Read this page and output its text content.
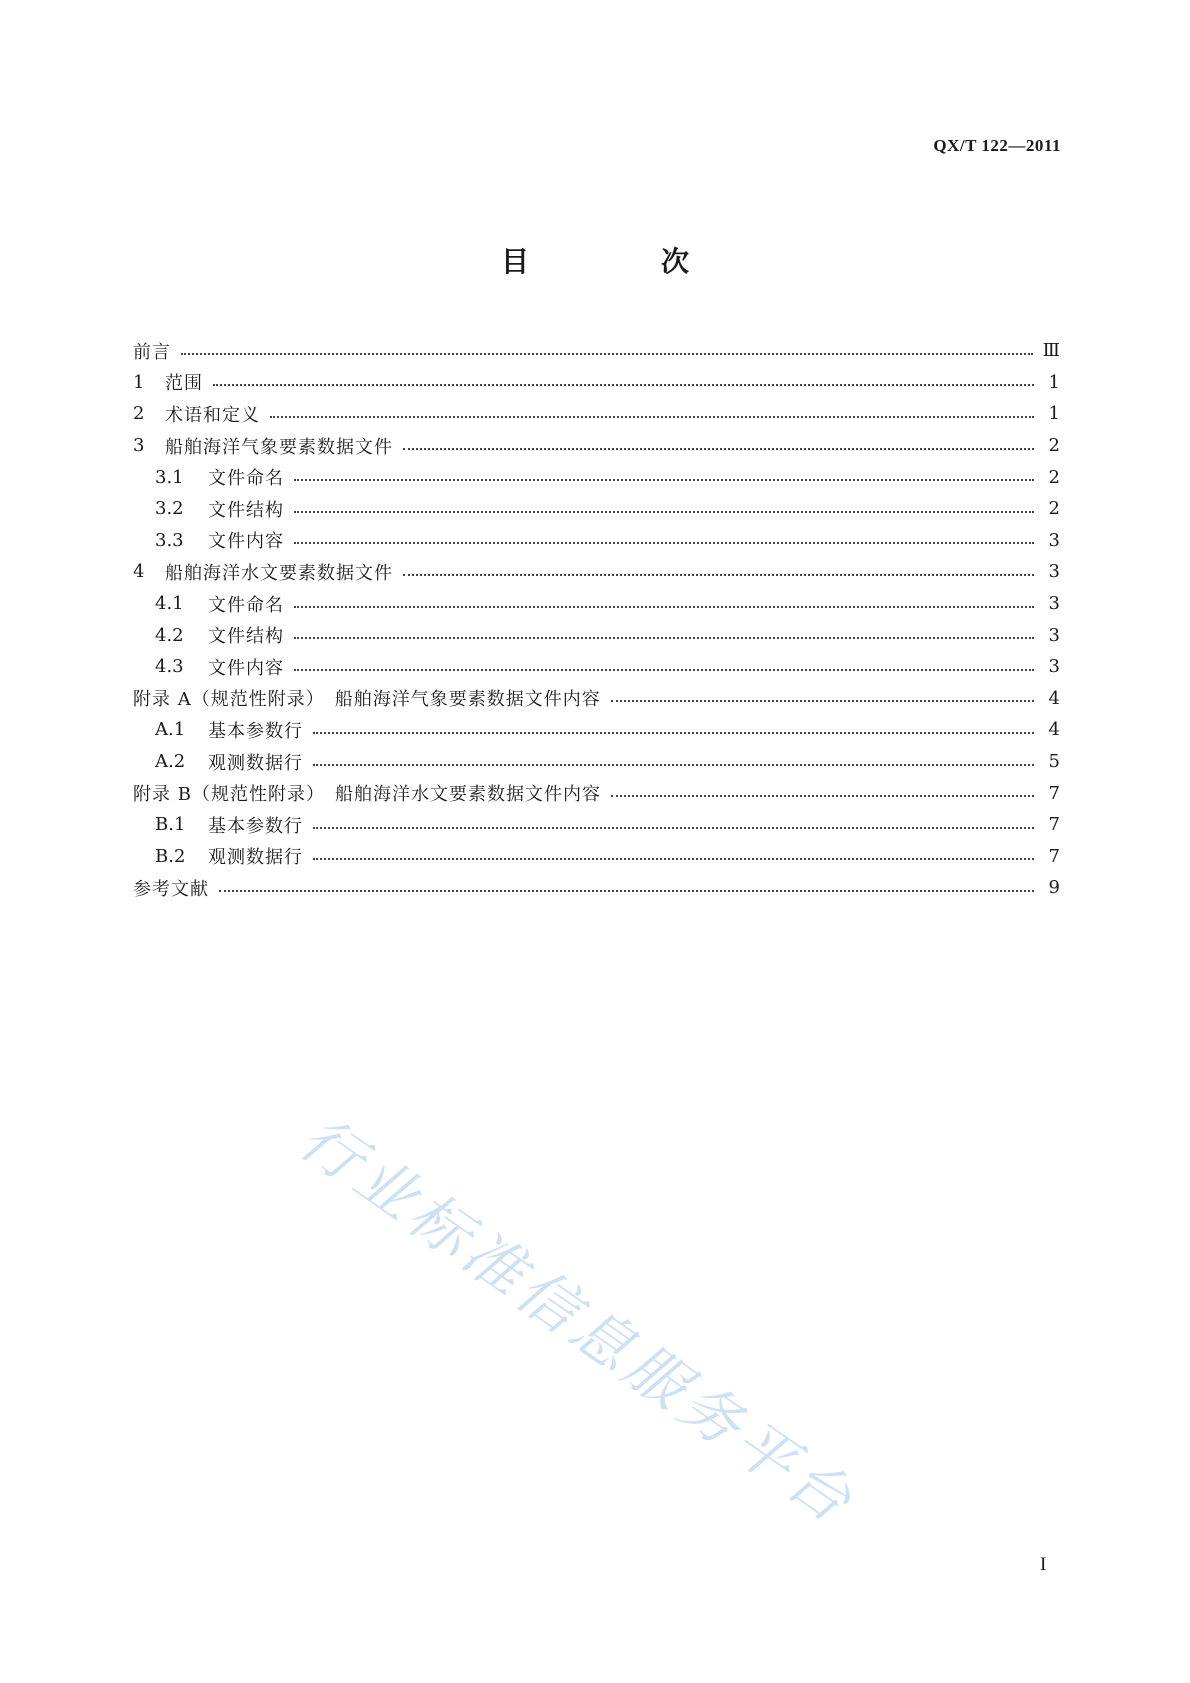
QX/T 122—2011
目　次
前言	Ⅲ
1	范围	1
2	术语和定义	1
3	船舶海洋气象要素数据文件	2
3.1	文件命名	2
3.2	文件结构	2
3.3	文件内容	3
4	船舶海洋水文要素数据文件	3
4.1	文件命名	3
4.2	文件结构	3
4.3	文件内容	3
附录 A（规范性附录）　船舶海洋气象要素数据文件内容	4
A.1	基本参数行	4
A.2	观测数据行	5
附录 B（规范性附录）　船舶海洋水文要素数据文件内容	7
B.1	基本参数行	7
B.2	观测数据行	7
参考文献	9
行业标准信息服务平台
I
